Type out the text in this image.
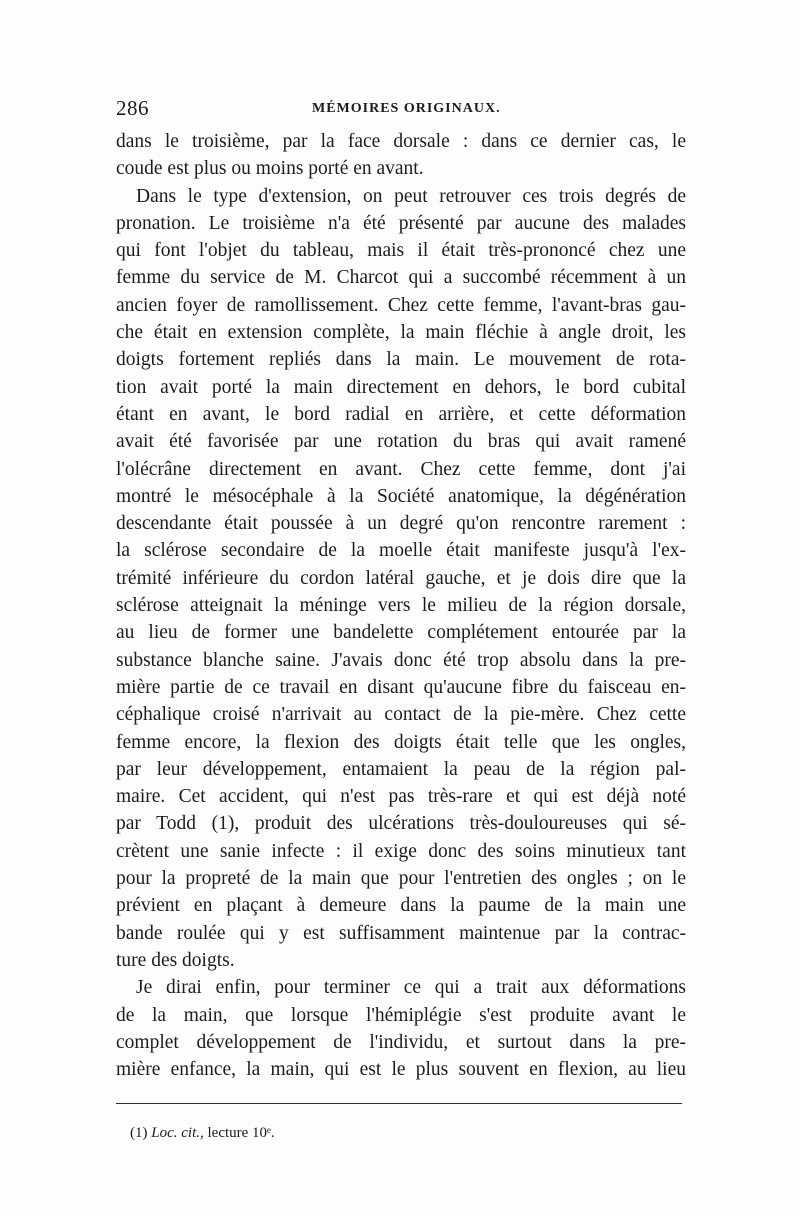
286	MÉMOIRES ORIGINAUX.
dans le troisième, par la face dorsale : dans ce dernier cas, le
coude est plus ou moins porté en avant.
Dans le type d'extension, on peut retrouver ces trois degrés de
pronation. Le troisième n'a été présenté par aucune des malades
qui font l'objet du tableau, mais il était très-prononcé chez une
femme du service de M. Charcot qui a succombé récemment à un
ancien foyer de ramollissement. Chez cette femme, l'avant-bras gau-
che était en extension complète, la main fléchie à angle droit, les
doigts fortement repliés dans la main. Le mouvement de rota-
tion avait porté la main directement en dehors, le bord cubital
étant en avant, le bord radial en arrière, et cette déformation
avait été favorisée par une rotation du bras qui avait ramené
l'olécrâne directement en avant. Chez cette femme, dont j'ai
montré le mésocéphale à la Société anatomique, la dégénération
descendante était poussée à un degré qu'on rencontre rarement :
la sclérose secondaire de la moelle était manifeste jusqu'à l'ex-
trémité inférieure du cordon latéral gauche, et je dois dire que la
sclérose atteignait la méninge vers le milieu de la région dorsale,
au lieu de former une bandelette complétement entourée par la
substance blanche saine. J'avais donc été trop absolu dans la pre-
mière partie de ce travail en disant qu'aucune fibre du faisceau en-
céphalique croisé n'arrivait au contact de la pie-mère. Chez cette
femme encore, la flexion des doigts était telle que les ongles,
par leur développement, entamaient la peau de la région pal-
maire. Cet accident, qui n'est pas très-rare et qui est déjà noté
par Todd (1), produit des ulcérations très-douloureuses qui sé-
crètent une sanie infecte : il exige donc des soins minutieux tant
pour la propreté de la main que pour l'entretien des ongles ; on le
prévient en plaçant à demeure dans la paume de la main une
bande roulée qui y est suffisamment maintenue par la contrac-
ture des doigts.
Je dirai enfin, pour terminer ce qui a trait aux déformations
de la main, que lorsque l'hémiplégie s'est produite avant le
complet développement de l'individu, et surtout dans la pre-
mière enfance, la main, qui est le plus souvent en flexion, au lieu
(1) Loc. cit., lecture 10ᵉ.
